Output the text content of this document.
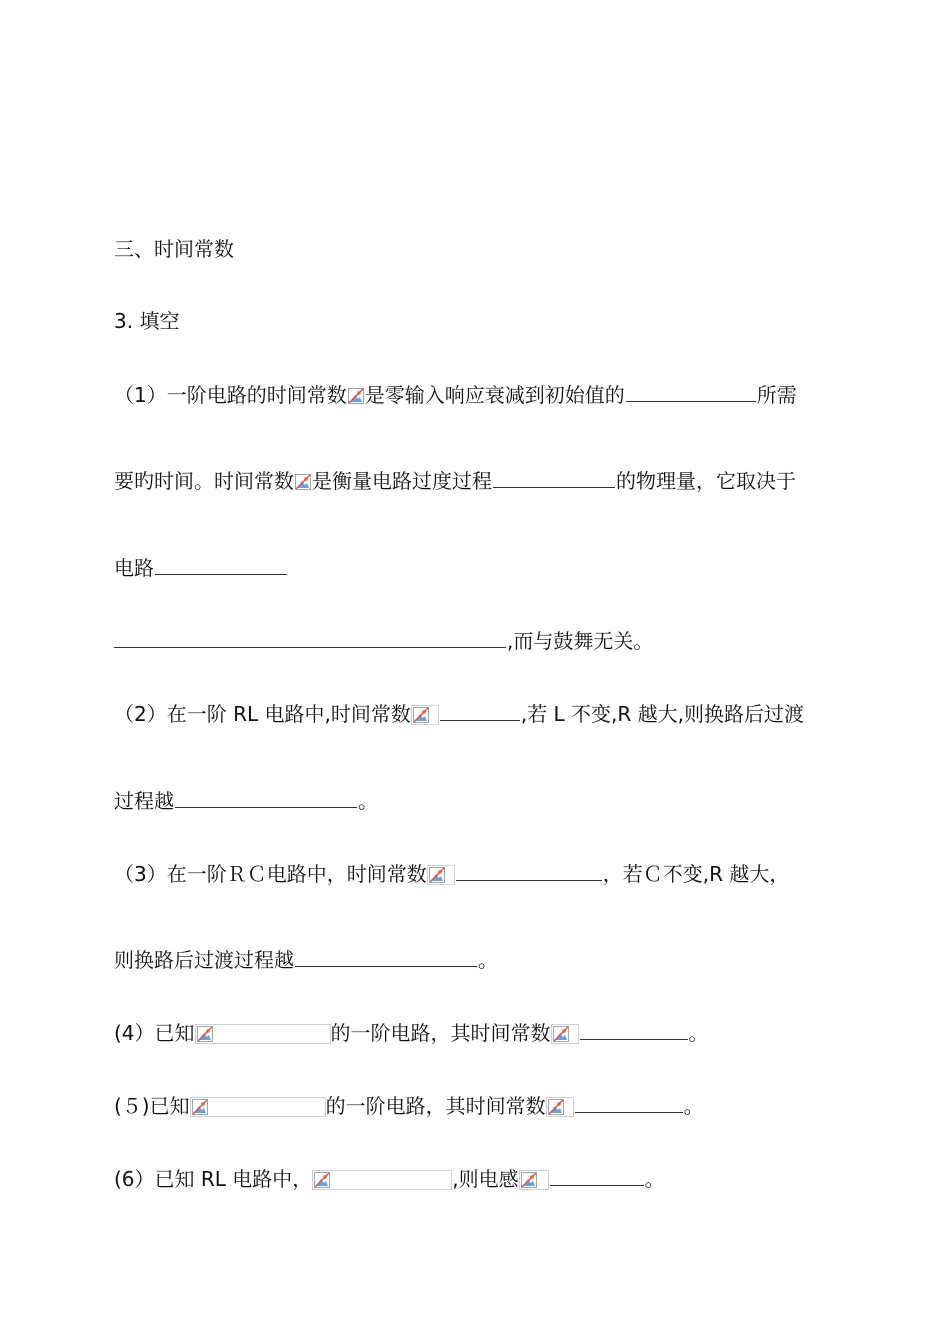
三、时间常数
3. 填空
（1）一阶电路的时间常数 是零输入响应衰减到初始值的	所需
要旳时间。时间常数 是衡量电路过度过程	的物理量，它取决于
电路
,而与鼓舞无关。
（2）在一阶 RL 电路中,时间常数	,若 L 不变,R 越大,则换路后过渡
过程越	。
（3）在一阶ＲＣ电路中，时间常数	，若Ｃ不变,R 越大，
则换路后过渡过程越	。
(4）已知	的一阶电路，其时间常数	。
(５)已知	的一阶电路，其时间常数	。
(6）已知 RL 电路中，	,则电感	。
